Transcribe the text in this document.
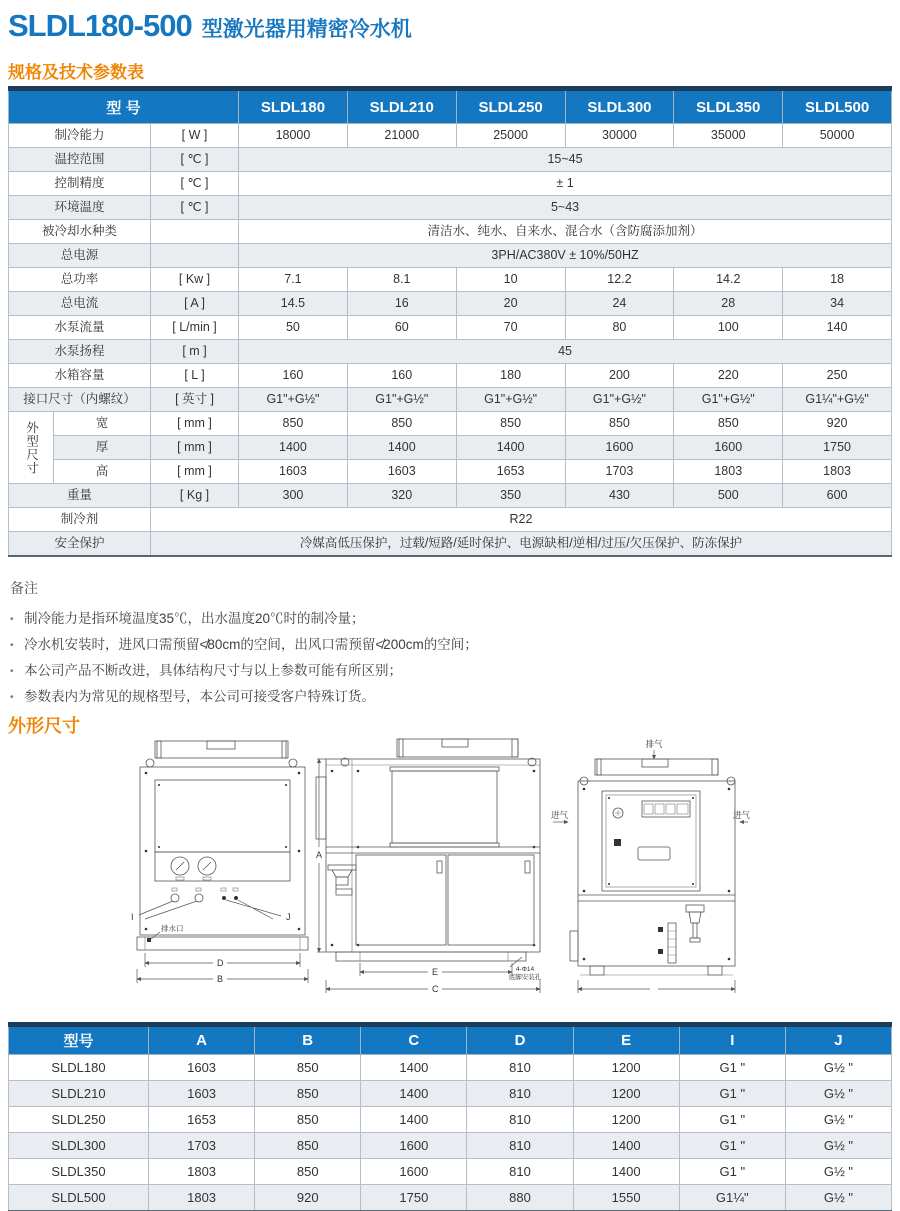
SLDL180-500 型激光器用精密冷水机
规格及技术参数表
型 号			SLDL180	SLDL210	SLDL250	SLDL300	SLDL350	SLDL500
制冷能力		[ W ]	18000	21000	25000	30000	35000	50000
温控范围		[ ℃ ]	15~45					
控制精度		[ ℃ ]	± 1					
环境温度		[ ℃ ]	5~43					
被冷却水种类			清洁水、纯水、自来水、混合水（含防腐添加剂）					
总电源			3PH/AC380V ± 10%/50HZ					
总功率		[ Kw ]	7.1	8.1	10	12.2	14.2	18
总电流		[ A ]	14.5	16	20	24	28	34
水泵流量		[ L/min ]	50	60	70	80	100	140
水泵扬程		[ m ]	45					
水箱容量		[ L ]	160	160	180	200	220	250
接口尺寸（内螺纹）		[ 英寸 ]	G1"+G½"	G1"+G½"	G1"+G½"	G1"+G½"	G1"+G½"	G1¼"+G½"
外型尺寸	宽	[ mm ]	850	850	850	850	850	920
	厚	[ mm ]	1400	1400	1400	1600	1600	1750
	高	[ mm ]	1603	1603	1653	1703	1803	1803
重量		[ Kg ]	300	320	350	430	500	600
制冷剂		R22						
安全保护		冷媒高低压保护，过载/短路/延时保护、电源缺相/逆相/过压/欠压保护、防冻保护						
备注
• 制冷能力是指环境温度35℃，出水温度20℃时的制冷量；
• 冷水机安装时，进风口需预留≮80cm的空间，出风口需预留≮200cm的空间；
• 本公司产品不断改进，具体结构尺寸与以上参数可能有所区别；
• 参数表内为常见的规格型号，本公司可接受客户特殊订货。
外形尺寸
I	J
排水口
D
B
A
E
C
4-Φ14
底脚安装孔
排气
进气	进气
型号	A	B	C	D	E	I	J
SLDL180	1603	850	1400	810	1200	G1 "	G½ "
SLDL210	1603	850	1400	810	1200	G1 "	G½ "
SLDL250	1653	850	1400	810	1200	G1 "	G½ "
SLDL300	1703	850	1600	810	1400	G1 "	G½ "
SLDL350	1803	850	1600	810	1400	G1 "	G½ "
SLDL500	1803	920	1750	880	1550	G1¼"	G½ "
